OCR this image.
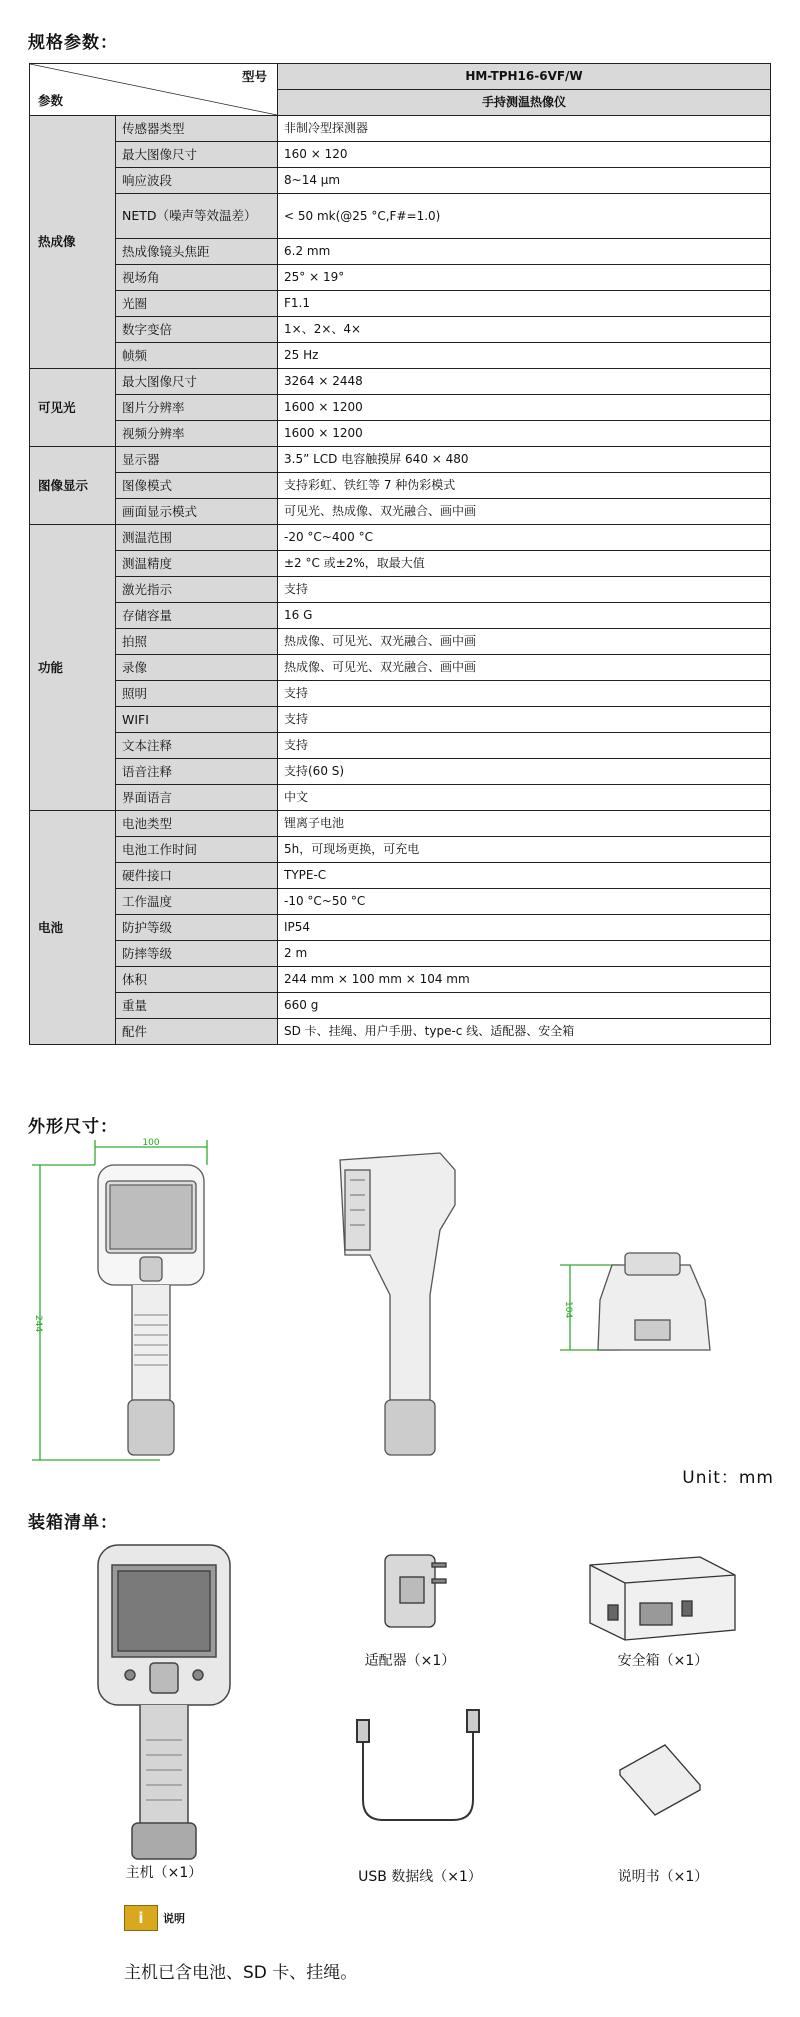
规格参数：
型号
参数		HM-TPH16-6VF/W
		手持测温热像仪
热成像	传感器类型	非制冷型探测器
	最大图像尺寸	160 × 120
	响应波段	8~14 μm
	NETD（噪声等效温差）	< 50 mk(@25 °C,F#=1.0)
	热成像镜头焦距	6.2 mm
	视场角	25° × 19°
	光圈	F1.1
	数字变倍	1×、2×、4×
	帧频	25 Hz
可见光	最大图像尺寸	3264 × 2448
	图片分辨率	1600 × 1200
	视频分辨率	1600 × 1200
图像显示	显示器	3.5” LCD 电容触摸屏 640 × 480
	图像模式	支持彩虹、铁红等 7 种伪彩模式
	画面显示模式	可见光、热成像、双光融合、画中画
功能	测温范围	-20 °C~400 °C
	测温精度	±2 °C 或±2%，取最大值
	激光指示	支持
	存储容量	16 G
	拍照	热成像、可见光、双光融合、画中画
	录像	热成像、可见光、双光融合、画中画
	照明	支持
	WIFI	支持
	文本注释	支持
	语音注释	支持(60 S)
	界面语言	中文
电池	电池类型	锂离子电池
	电池工作时间	5h，可现场更换，可充电
	硬件接口	TYPE-C
	工作温度	-10 °C~50 °C
	防护等级	IP54
	防摔等级	2 m
	体积	244 mm × 100 mm × 104 mm
	重量	660 g
	配件	SD 卡、挂绳、用户手册、type-c 线、适配器、安全箱
外形尺寸：
100
244
104
Unit：mm
装箱清单：
主机（×1）
适配器（×1）	安全箱（×1）
USB 数据线（×1）	说明书（×1）
i	说明
主机已含电池、SD 卡、挂绳。
